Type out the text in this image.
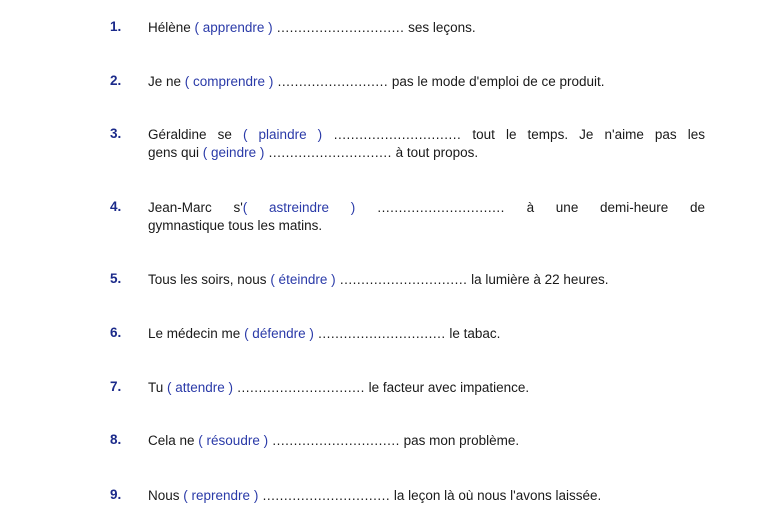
1.	Hélène ( apprendre ) .............................. ses leçons.
2.	Je ne ( comprendre ) .......................... pas le mode d'emploi de ce produit.
3.	Géraldine se ( plaindre ) .............................. tout le temps. Je n'aime pas les
gens qui ( geindre ) ............................. à tout propos.
4.	Jean-Marc s'( astreindre ) .............................. à une demi-heure de
gymnastique tous les matins.
5.	Tous les soirs, nous ( éteindre ) .............................. la lumière à 22 heures.
6.	Le médecin me ( défendre ) .............................. le tabac.
7.	Tu ( attendre ) .............................. le facteur avec impatience.
8.	Cela ne ( résoudre ) .............................. pas mon problème.
9.	Nous ( reprendre ) .............................. la leçon là où nous l'avons laissée.
